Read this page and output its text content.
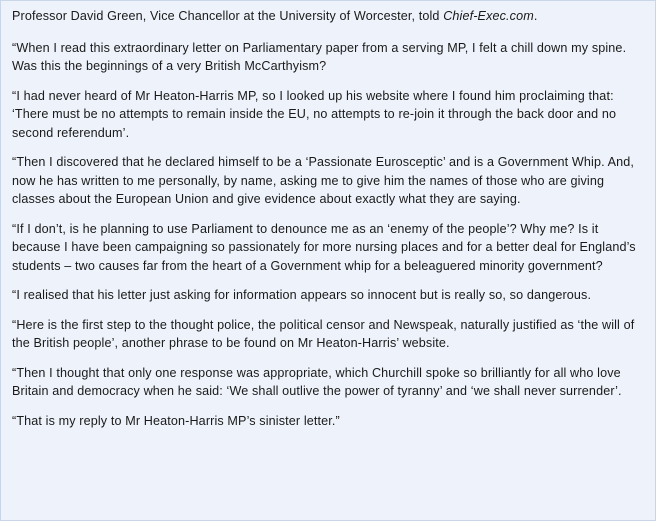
Professor David Green, Vice Chancellor at the University of Worcester, told Chief-Exec.com.

“When I read this extraordinary letter on Parliamentary paper from a serving MP, I felt a chill down my spine. Was this the beginnings of a very British McCarthyism?

“I had never heard of Mr Heaton-Harris MP, so I looked up his website where I found him proclaiming that: ‘There must be no attempts to remain inside the EU, no attempts to re-join it through the back door and no second referendum’.

“Then I discovered that he declared himself to be a ‘Passionate Eurosceptic’ and is a Government Whip. And, now he has written to me personally, by name, asking me to give him the names of those who are giving classes about the European Union and give evidence about exactly what they are saying.

“If I don’t, is he planning to use Parliament to denounce me as an ‘enemy of the people’? Why me? Is it because I have been campaigning so passionately for more nursing places and for a better deal for England’s students – two causes far from the heart of a Government whip for a beleaguered minority government?

“I realised that his letter just asking for information appears so innocent but is really so, so dangerous.

“Here is the first step to the thought police, the political censor and Newspeak, naturally justified as ‘the will of the British people’, another phrase to be found on Mr Heaton-Harris’ website.

“Then I thought that only one response was appropriate, which Churchill spoke so brilliantly for all who love Britain and democracy when he said: ‘We shall outlive the power of tyranny’ and ‘we shall never surrender’.

“That is my reply to Mr Heaton-Harris MP’s sinister letter.”
